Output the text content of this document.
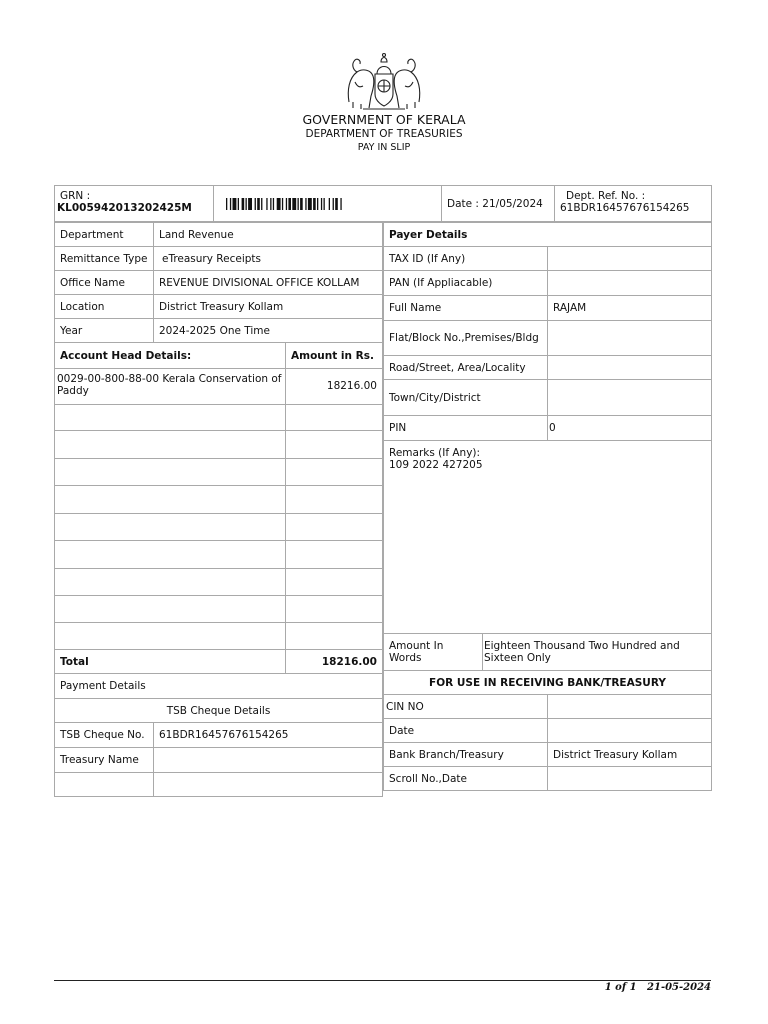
GOVERNMENT OF KERALA
DEPARTMENT OF TREASURIES
PAY IN SLIP
GRN :
KL005942013202425M	Date : 21/05/2024
Dept. Ref. No. :
61BDR16457676154265
Department	Land Revenue
Remittance Type	eTreasury Receipts
Office Name	REVENUE DIVISIONAL OFFICE KOLLAM
Location	District Treasury Kollam
Year	2024-2025 One Time
Account Head Details:	Amount in Rs.
0029-00-800-88-00 Kerala Conservation of Paddy	18216.00
Total	18216.00
Payment Details
TSB Cheque Details
TSB Cheque No.	61BDR16457676154265
Treasury Name
Payer Details
TAX ID (If Any)
PAN (If Appliacable)
Full Name	RAJAM
Flat/Block No.,Premises/Bldg
Road/Street, Area/Locality
Town/City/District
PIN	0
Remarks (If Any):
109 2022 427205
Amount In Words
Eighteen Thousand Two Hundred and Sixteen Only
FOR USE IN RECEIVING BANK/TREASURY
CIN NO
Date
Bank Branch/Treasury	District Treasury Kollam
Scroll No.,Date
1 of 1   21-05-2024
